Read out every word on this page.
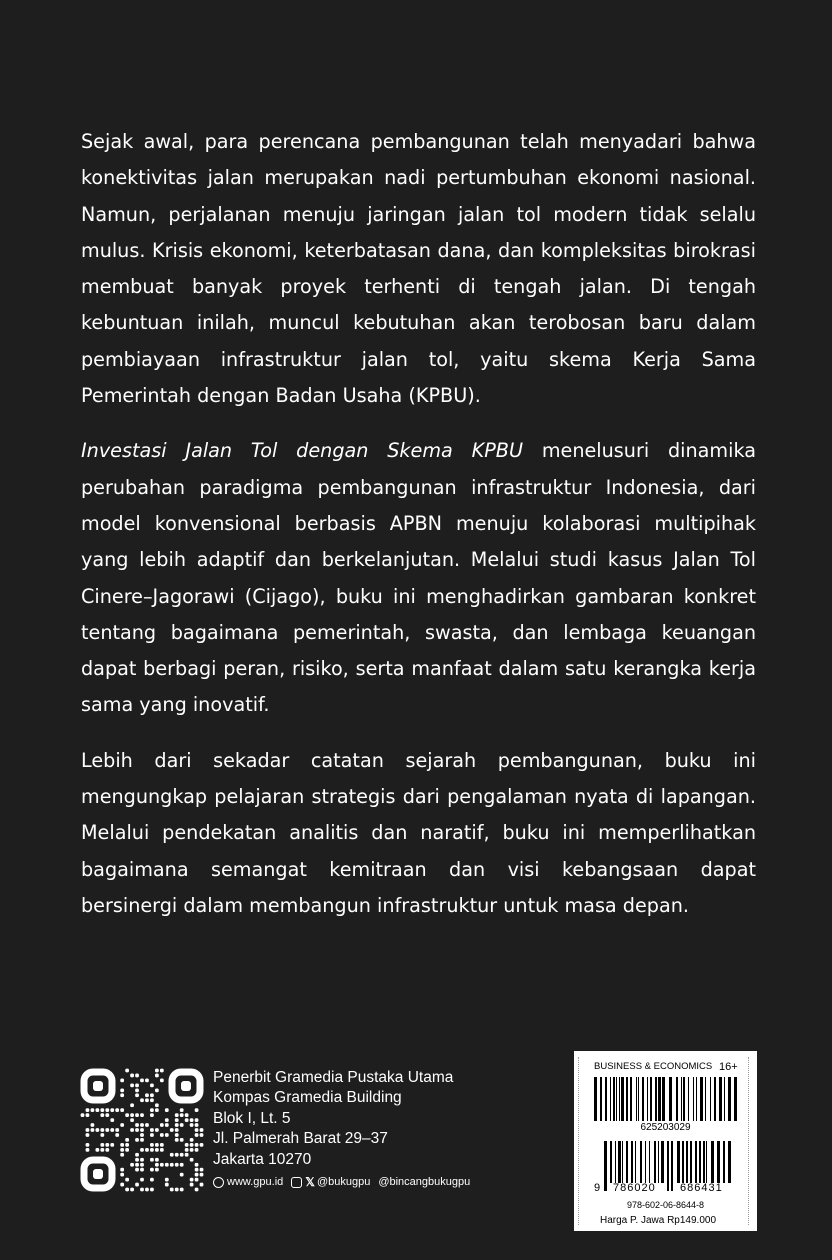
Sejak awal, para perencana pembangunan telah menyadari bahwa konektivitas jalan merupakan nadi pertumbuhan ekonomi nasional. Namun, perjalanan menuju jaringan jalan tol modern tidak selalu mulus. Krisis ekonomi, keterbatasan dana, dan kompleksitas birokrasi membuat banyak proyek terhenti di tengah jalan. Di tengah kebuntuan inilah, muncul kebutuhan akan terobosan baru dalam pembiayaan infrastruktur jalan tol, yaitu skema Kerja Sama Pemerintah dengan Badan Usaha (KPBU).

Investasi Jalan Tol dengan Skema KPBU menelusuri dinamika perubahan paradigma pembangunan infrastruktur Indonesia, dari model konvensional berbasis APBN menuju kolaborasi multipihak yang lebih adaptif dan berkelanjutan. Melalui studi kasus Jalan Tol Cinere–Jagorawi (Cijago), buku ini menghadirkan gambaran konkret tentang bagaimana pemerintah, swasta, dan lembaga keuangan dapat berbagi peran, risiko, serta manfaat dalam satu kerangka kerja sama yang inovatif.

Lebih dari sekadar catatan sejarah pembangunan, buku ini mengungkap pelajaran strategis dari pengalaman nyata di lapangan. Melalui pendekatan analitis dan naratif, buku ini memperlihatkan bagaimana semangat kemitraan dan visi kebangsaan dapat bersinergi dalam membangun infrastruktur untuk masa depan.

Penerbit Gramedia Pustaka Utama
Kompas Gramedia Building
Blok I, Lt. 5
Jl. Palmerah Barat 29–37
Jakarta 10270
www.gpu.id 𝕏 @bukugpu @bincangbukugpu
BUSINESS & ECONOMICS 16+
625203029
9 786020 686431
978-602-06-8644-8
Harga P. Jawa Rp149.000
